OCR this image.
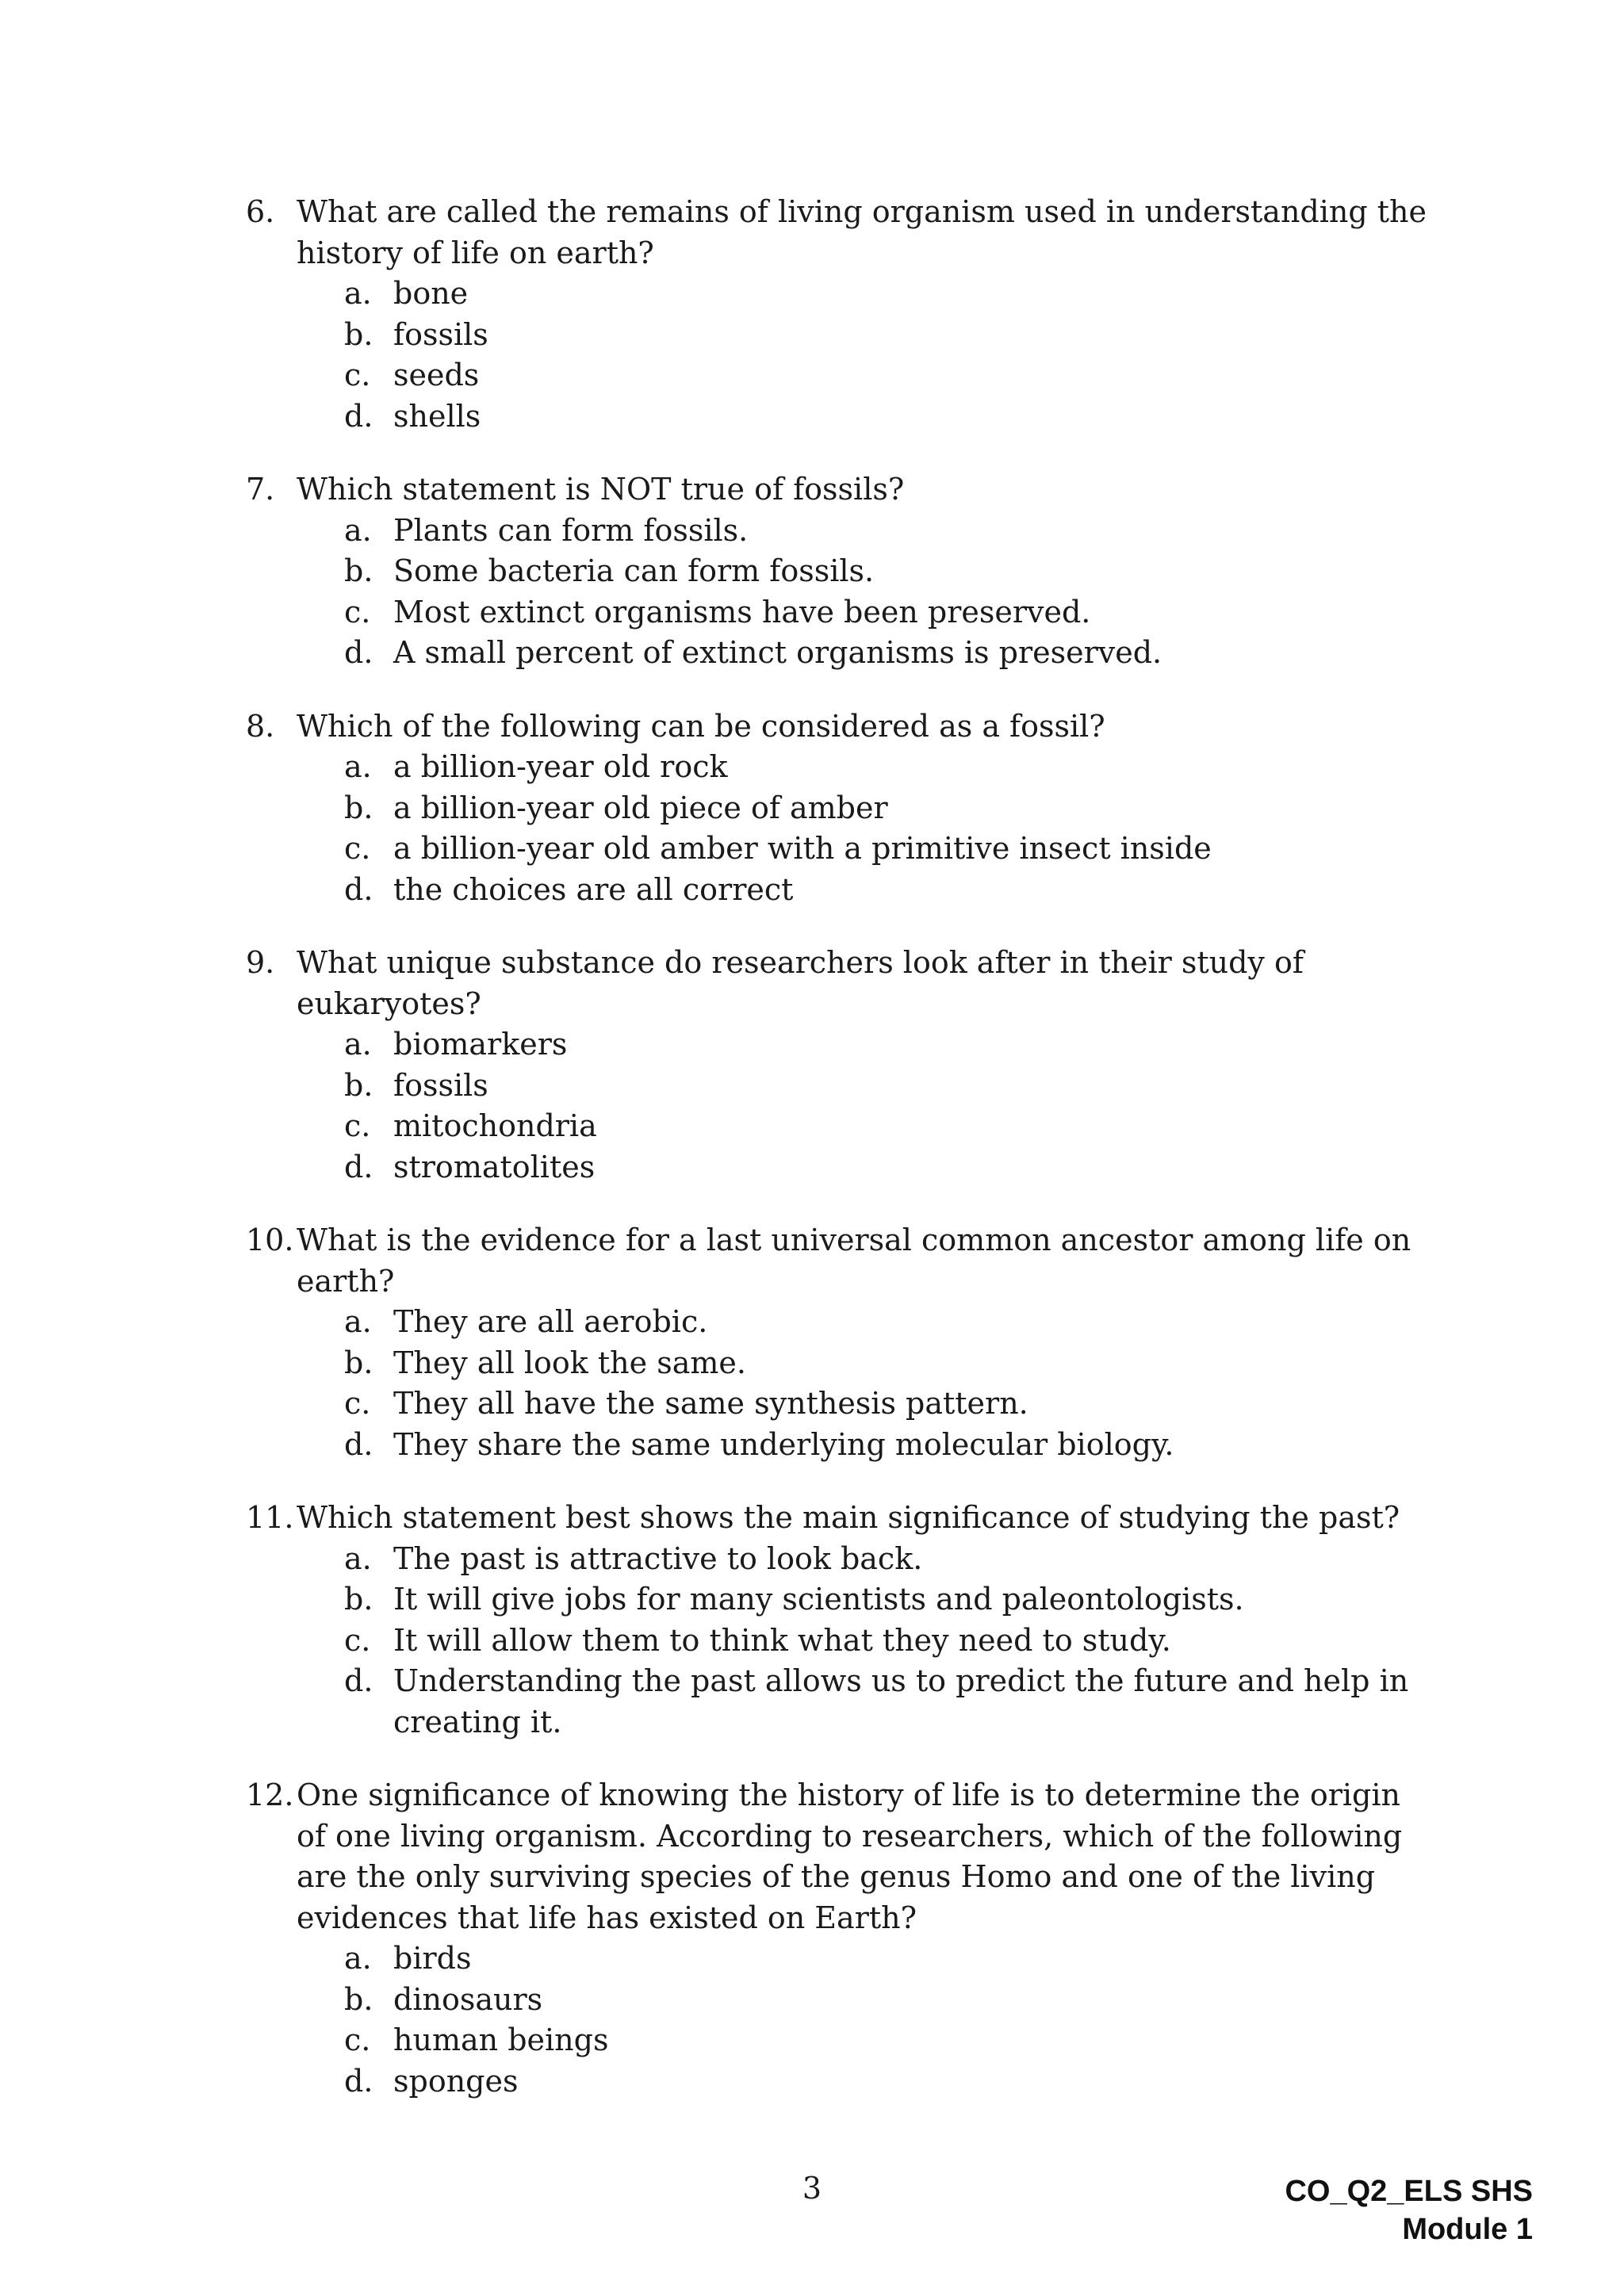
6. What are called the remains of living organism used in understanding the history of life on earth?
a. bone
b. fossils
c. seeds
d. shells
7. Which statement is NOT true of fossils?
a. Plants can form fossils.
b. Some bacteria can form fossils.
c. Most extinct organisms have been preserved.
d. A small percent of extinct organisms is preserved.
8. Which of the following can be considered as a fossil?
a. a billion-year old rock
b. a billion-year old piece of amber
c. a billion-year old amber with a primitive insect inside
d. the choices are all correct
9. What unique substance do researchers look after in their study of eukaryotes?
a. biomarkers
b. fossils
c. mitochondria
d. stromatolites
10. What is the evidence for a last universal common ancestor among life on earth?
a. They are all aerobic.
b. They all look the same.
c. They all have the same synthesis pattern.
d. They share the same underlying molecular biology.
11. Which statement best shows the main significance of studying the past?
a. The past is attractive to look back.
b. It will give jobs for many scientists and paleontologists.
c. It will allow them to think what they need to study.
d. Understanding the past allows us to predict the future and help in creating it.
12. One significance of knowing the history of life is to determine the origin of one living organism. According to researchers, which of the following are the only surviving species of the genus Homo and one of the living evidences that life has existed on Earth?
a. birds
b. dinosaurs
c. human beings
d. sponges
3	CO_Q2_ELS SHS
Module 1
